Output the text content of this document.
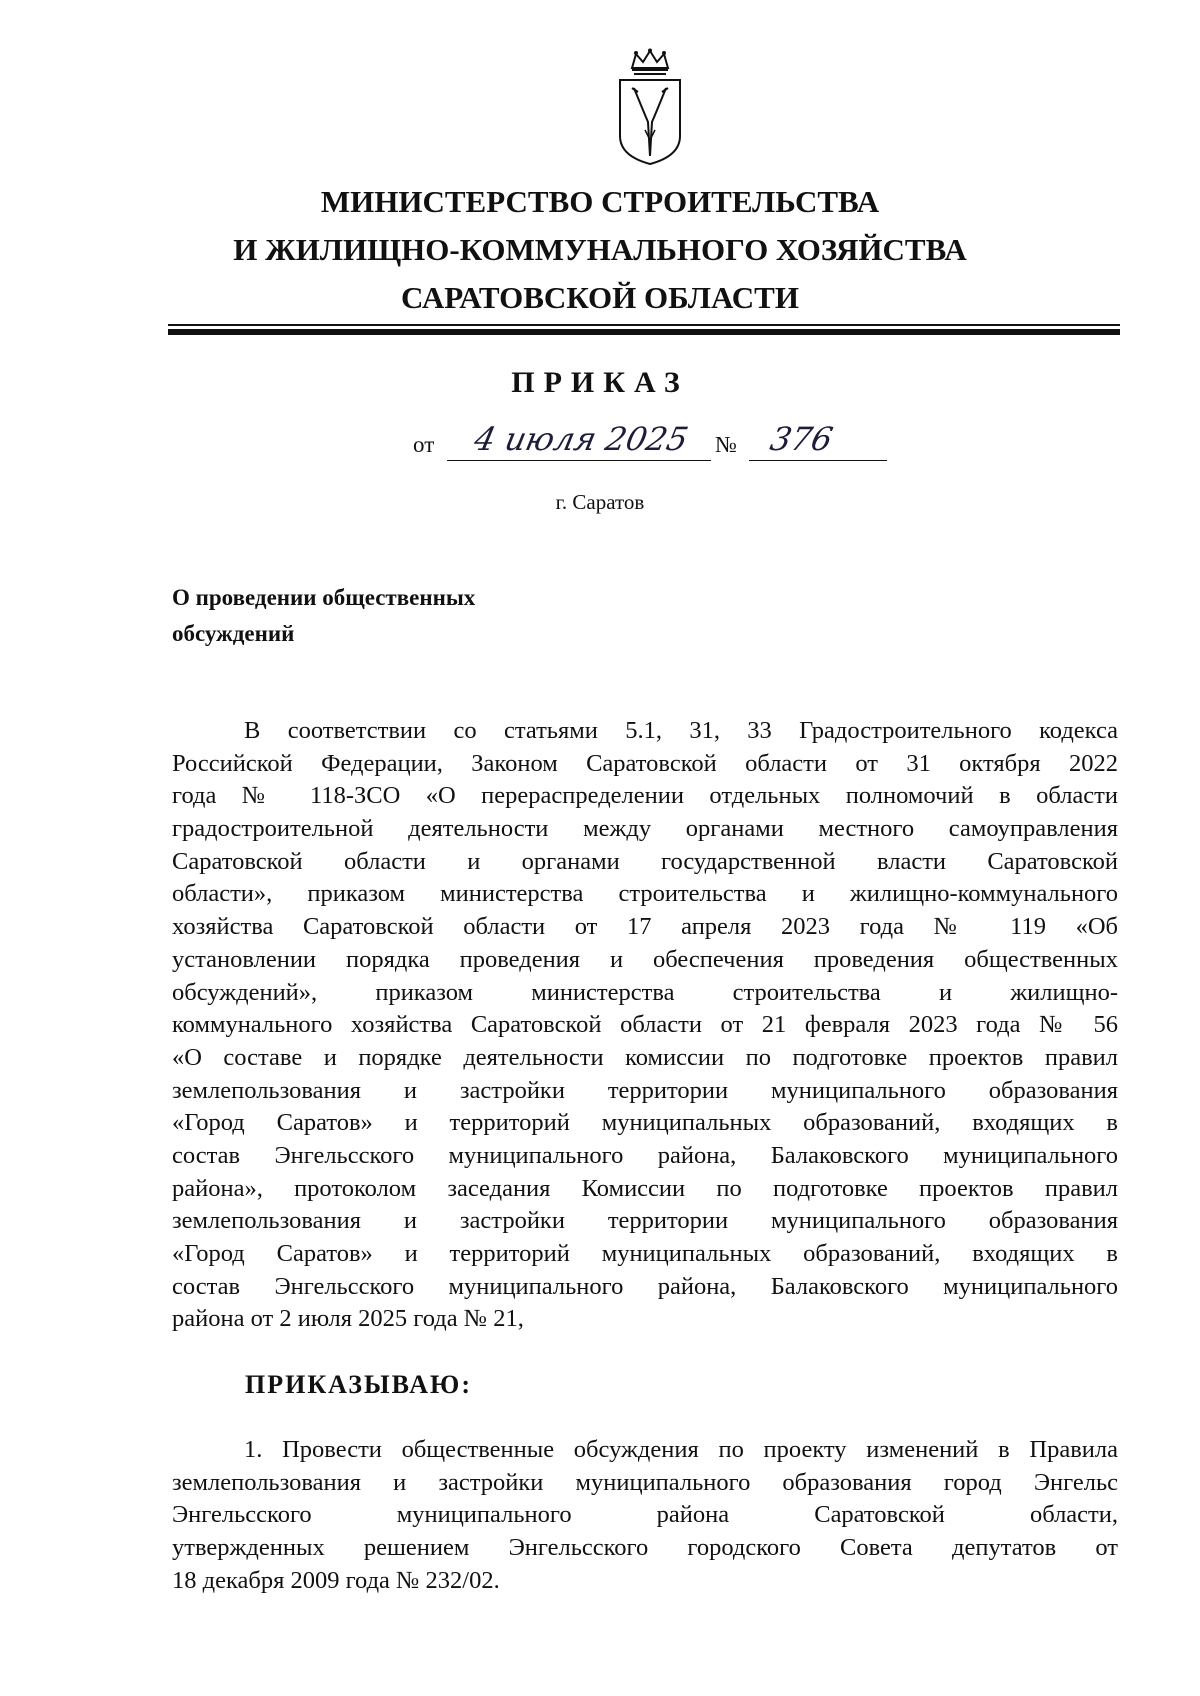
МИНИСТЕРСТВО СТРОИТЕЛЬСТВА
И ЖИЛИЩНО-КОММУНАЛЬНОГО ХОЗЯЙСТВА
САРАТОВСКОЙ ОБЛАСТИ
ПРИКАЗ
от 4 июля 2025 № 376
г. Саратов
О проведении общественных
обсуждений
В соответствии со статьями 5.1, 31, 33 Градостроительного кодекса
Российской Федерации, Законом Саратовской области от 31 октября 2022
года № 118-ЗСО «О перераспределении отдельных полномочий в области
градостроительной деятельности между органами местного самоуправления
Саратовской области и органами государственной власти Саратовской
области», приказом министерства строительства и жилищно-коммунального
хозяйства Саратовской области от 17 апреля 2023 года № 119 «Об
установлении порядка проведения и обеспечения проведения общественных
обсуждений», приказом министерства строительства и жилищно-
коммунального хозяйства Саратовской области от 21 февраля 2023 года № 56
«О составе и порядке деятельности комиссии по подготовке проектов правил
землепользования и застройки территории муниципального образования
«Город Саратов» и территорий муниципальных образований, входящих в
состав Энгельсского муниципального района, Балаковского муниципального
района», протоколом заседания Комиссии по подготовке проектов правил
землепользования и застройки территории муниципального образования
«Город Саратов» и территорий муниципальных образований, входящих в
состав Энгельсского муниципального района, Балаковского муниципального
района от 2 июля 2025 года № 21,
ПРИКАЗЫВАЮ:
1. Провести общественные обсуждения по проекту изменений в Правила
землепользования и застройки муниципального образования город Энгельс
Энгельсского муниципального района Саратовской области,
утвержденных решением Энгельсского городского Совета депутатов от
18 декабря 2009 года № 232/02.
